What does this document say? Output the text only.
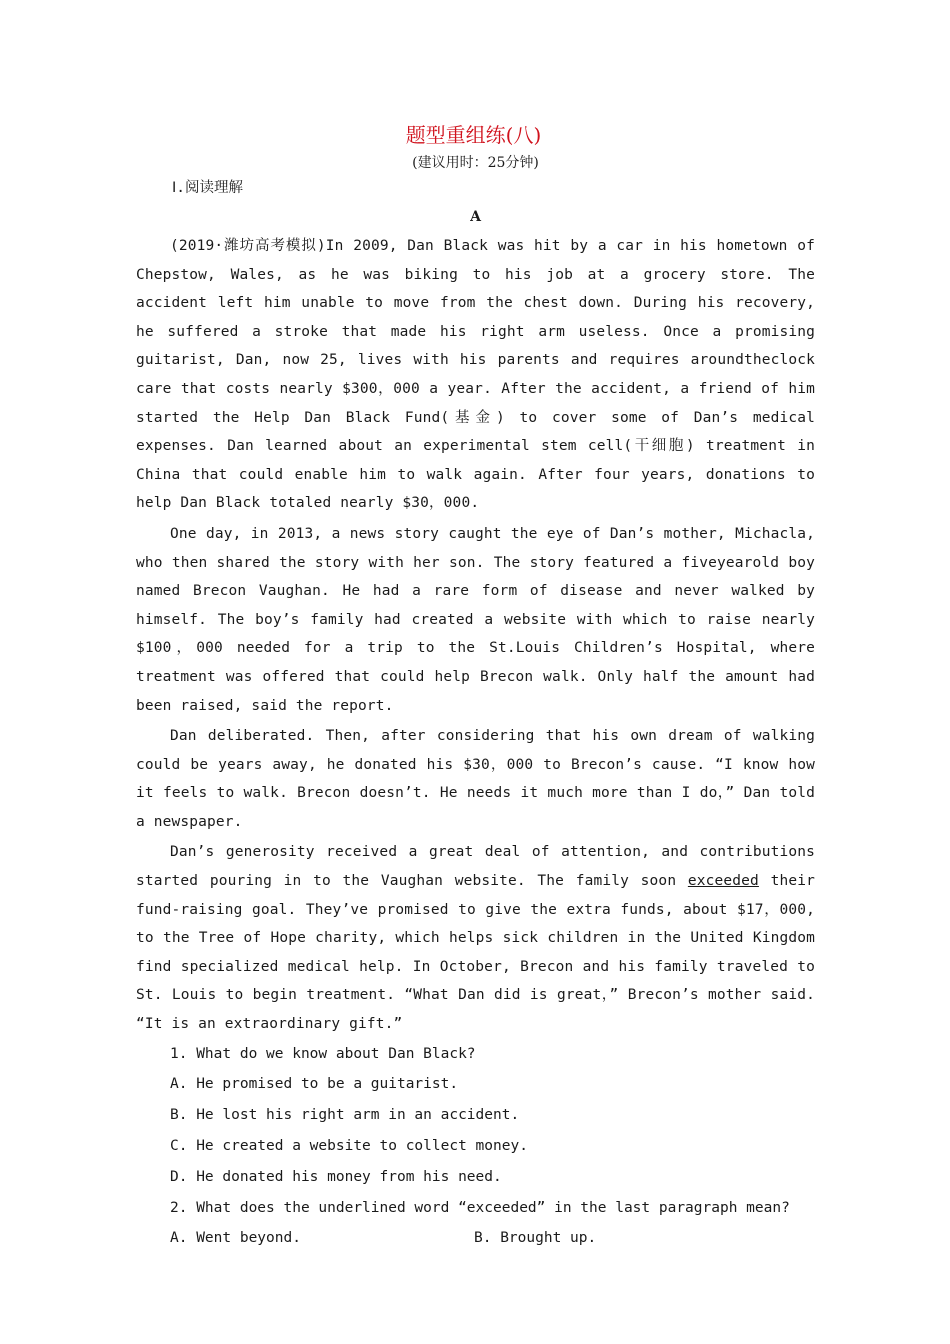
题型重组练(八)
(建议用时：25分钟)
Ⅰ.阅读理解
A

(2019·潍坊高考模拟)In 2009, Dan Black was hit by a car in his hometown of Chepstow, Wales, as he was biking to his job at a grocery store. The accident left him unable to move from the chest down. During his recovery, he suffered a stroke that made his right arm useless. Once a promising guitarist, Dan, now 25, lives with his parents and requires aroundtheclock care that costs nearly $300，000 a year. After the accident, a friend of him started the Help Dan Black Fund(基金) to cover some of Dan’s medical expenses. Dan learned about an experimental stem cell(干细胞) treatment in China that could enable him to walk again. After four years, donations to help Dan Black totaled nearly $30，000.

One day, in 2013, a news story caught the eye of Dan’s mother, Michacla, who then shared the story with her son. The story featured a fiveyearold boy named Brecon Vaughan. He had a rare form of disease and never walked by himself. The boy’s family had created a website with which to raise nearly $100，000 needed for a trip to the St.Louis Children’s Hospital, where treatment was offered that could help Brecon walk. Only half the amount had been raised, said the report.

Dan deliberated. Then, after considering that his own dream of walking could be years away, he donated his $30，000 to Brecon’s cause. “I know how it feels to walk. Brecon doesn’t. He needs it much more than I do，” Dan told a newspaper.

Dan’s generosity received a great deal of attention, and contributions started pouring in to the Vaughan website. The family soon exceeded their fund-raising goal. They’ve promised to give the extra funds, about $17，000, to the Tree of Hope charity, which helps sick children in the United Kingdom find specialized medical help. In October, Brecon and his family traveled to St. Louis to begin treatment. “What Dan did is great，” Brecon’s mother said. “It is an extraordinary gift.”

1. What do we know about Dan Black?
A. He promised to be a guitarist.
B. He lost his right arm in an accident.
C. He created a website to collect money.
D. He donated his money from his need.
2. What does the underlined word “exceeded” in the last paragraph mean?
A. Went beyond.	B. Brought up.
